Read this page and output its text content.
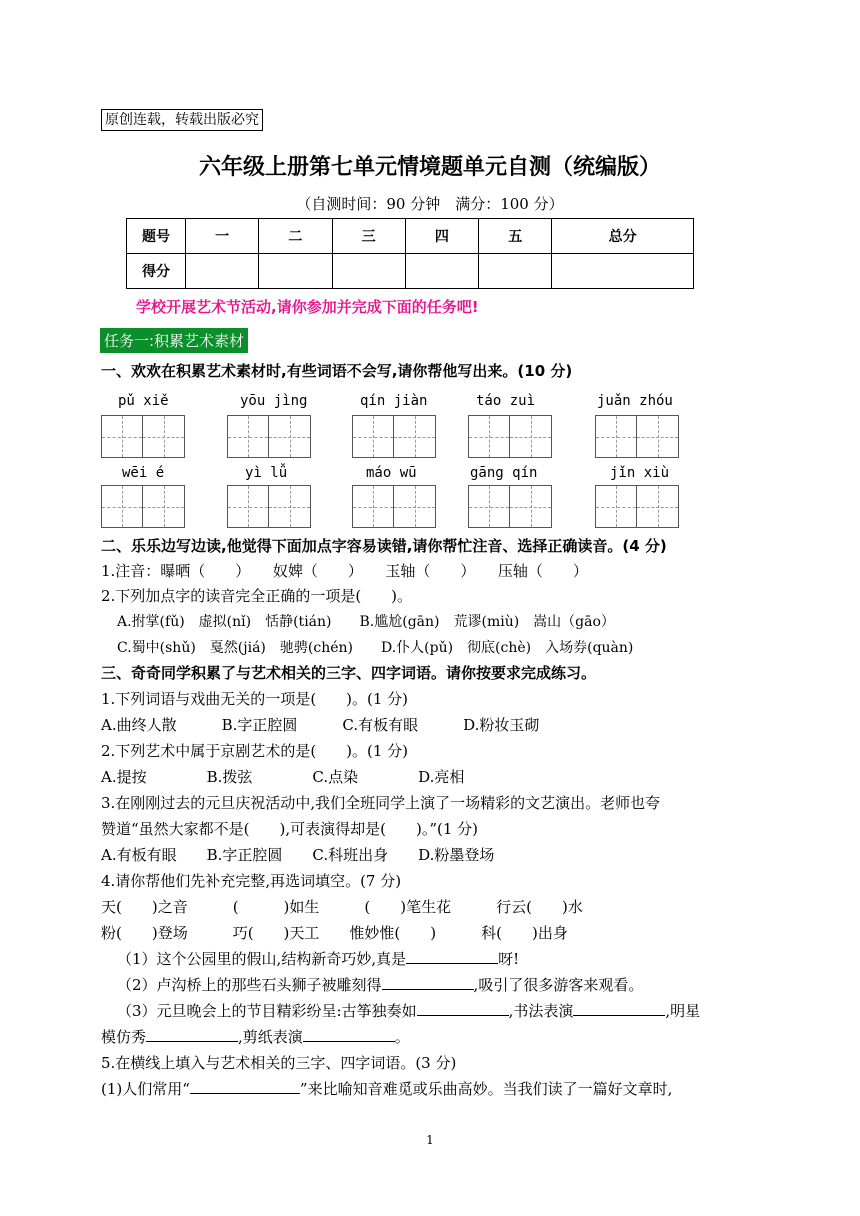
原创连载，转载出版必究
六年级上册第七单元情境题单元自测（统编版）
（自测时间：90 分钟　满分：100 分）
题号	一	二	三	四	五	总分
得分						
学校开展艺术节活动,请你参加并完成下面的任务吧!
任务一:积累艺术素材
一、欢欢在积累艺术素材时,有些词语不会写,请你帮他写出来。(10 分)
pǔ xiě	yōu jìng	qín jiàn	táo zuì	juǎn zhóu
wēi é	yì lǚ	máo wū	gāng qín	jǐn xiù
二、乐乐边写边读,他觉得下面加点字容易读错,请你帮忙注音、选择正确读音。(4 分)
1.注音：曝晒（　　）　　奴婢（　　）　　玉轴（　　）　　压轴（　　）
2.下列加点字的读音完全正确的一项是(　　)。
A.拊掌(fǔ)　虚拟(nǐ)　恬静(tián)　　B.尴尬(gān)　荒谬(miù)　嵩山（gāo）
C.蜀中(shǔ)　戛然(jiá)　驰骋(chén)　　D.仆人(pǔ)　彻底(chè)　入场券(quàn)
三、奇奇同学积累了与艺术相关的三字、四字词语。请你按要求完成练习。
1.下列词语与戏曲无关的一项是(　　)。(1 分)
A.曲终人散　　　B.字正腔圆　　　C.有板有眼　　　D.粉妆玉砌
2.下列艺术中属于京剧艺术的是(　　)。(1 分)
A.提按　　　　B.拨弦　　　　C.点染　　　　D.亮相
3.在刚刚过去的元旦庆祝活动中,我们全班同学上演了一场精彩的文艺演出。老师也夸
赞道“虽然大家都不是(　　),可表演得却是(　　)。”(1 分)
A.有板有眼　　B.字正腔圆　　C.科班出身　　D.粉墨登场
4.请你帮他们先补充完整,再选词填空。(7 分)
天(　　)之音　　　(　　　)如生　　　(　　)笔生花　　　行云(　　)水
粉(　　)登场　　　巧(　　)天工　　惟妙惟(　　)　　　科(　　)出身
（1）这个公园里的假山,结构新奇巧妙,真是	呀!
（2）卢沟桥上的那些石头狮子被雕刻得	,吸引了很多游客来观看。
（3）元旦晚会上的节目精彩纷呈:古筝独奏如	,书法表演	,明星
模仿秀	,剪纸表演	。
5.在横线上填入与艺术相关的三字、四字词语。(3 分)
(1)人们常用“	”来比喻知音难觅或乐曲高妙。当我们读了一篇好文章时,
1
